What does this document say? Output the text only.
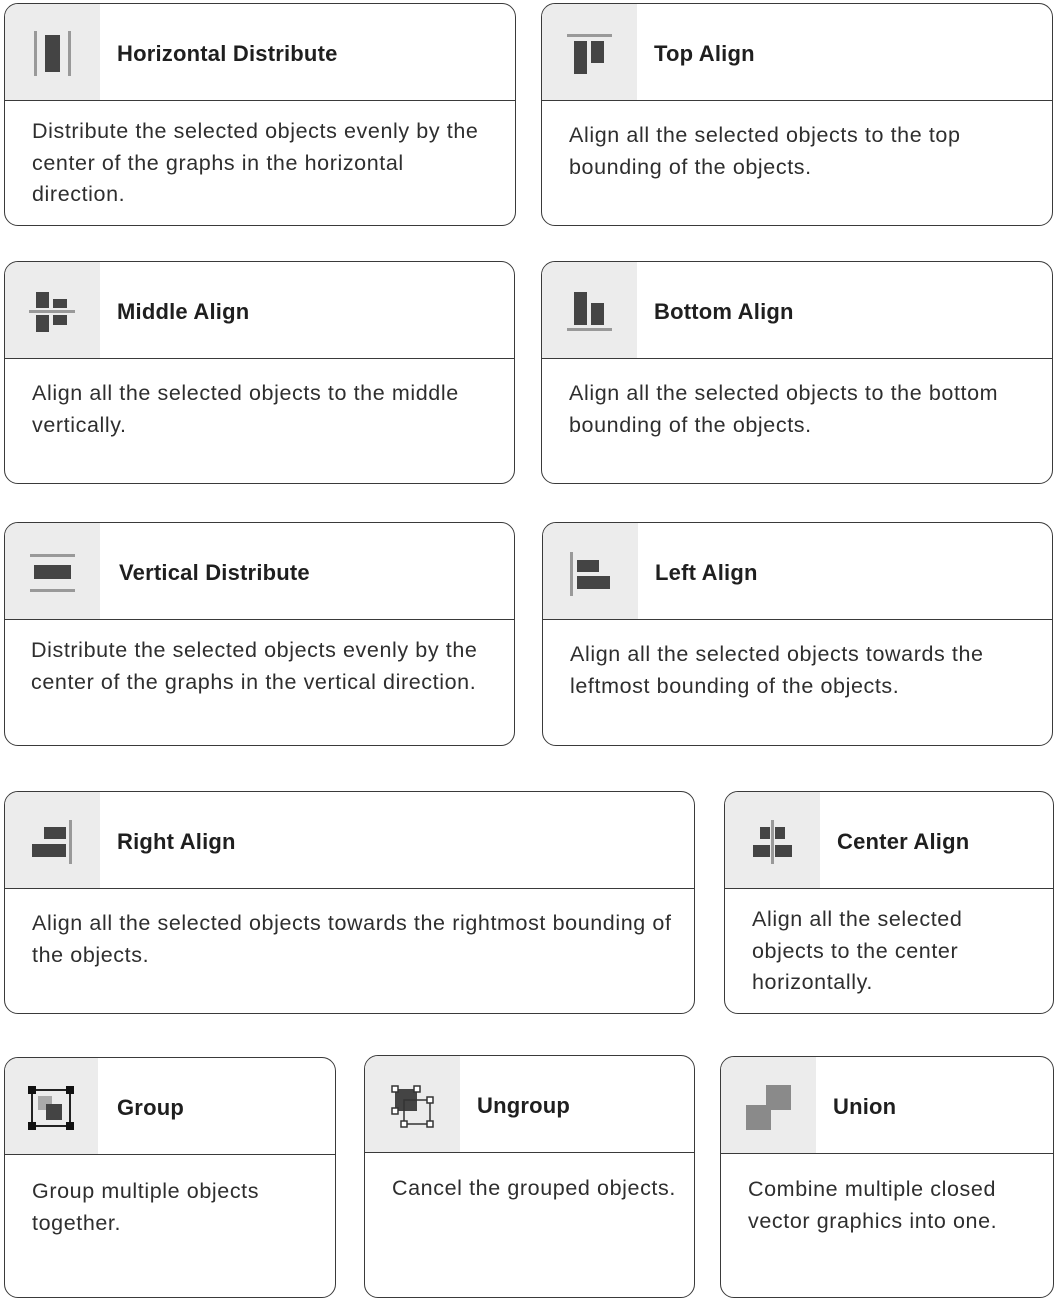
Horizontal Distribute
Distribute the selected objects evenly by the center of the graphs in the horizontal direction.
Top Align
Align all the selected objects to the top bounding of the objects.
Middle Align
Align all the selected objects to the middle vertically.
Bottom Align
Align all the selected objects to the bottom bounding of the objects.
Vertical Distribute
Distribute the selected objects evenly by the center of the graphs in the vertical direction.
Left Align
Align all the selected objects towards the leftmost bounding of the objects.
Right Align
Align all the selected objects towards the rightmost bounding of the objects.
Center Align
Align all the selected objects to the center horizontally.
Group
Group multiple objects together.
Ungroup
Cancel the grouped objects.
Union
Combine multiple closed vector graphics into one.
